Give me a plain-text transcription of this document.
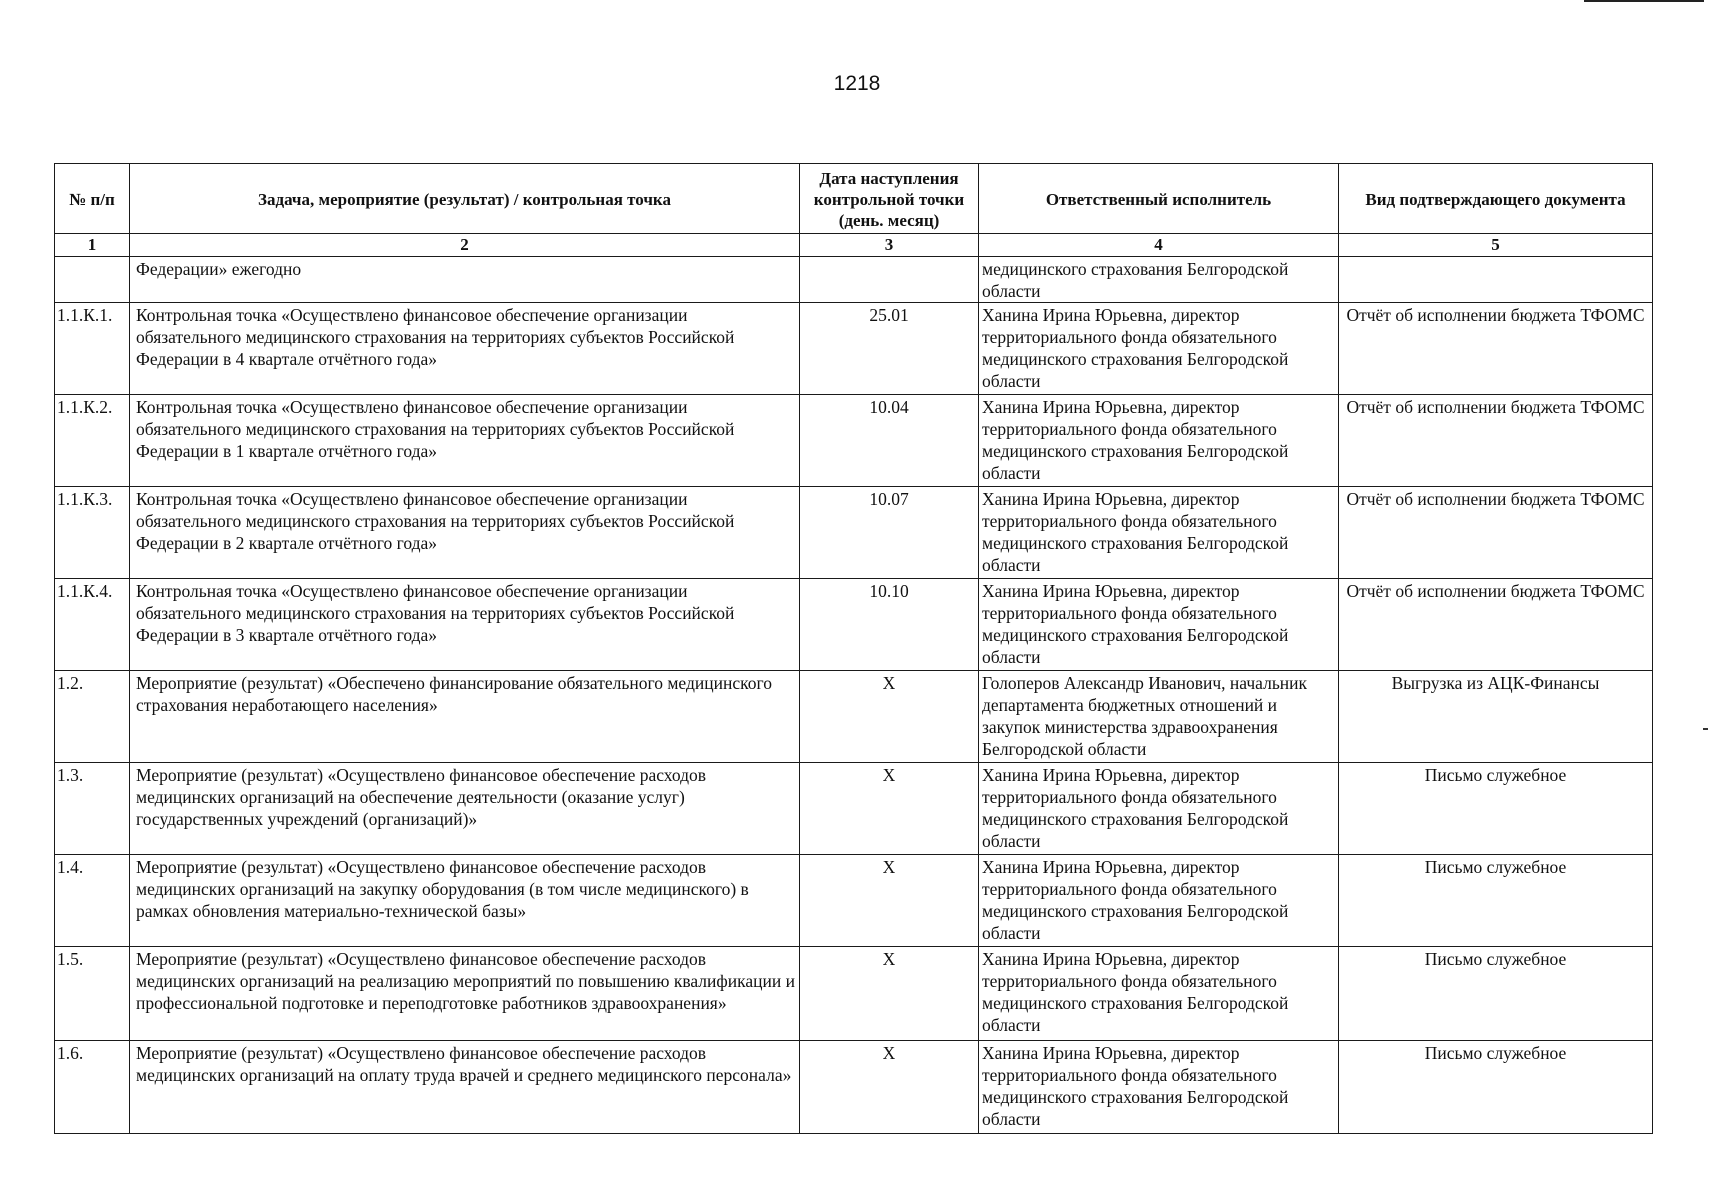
1218
№ п/п	Задача, мероприятие (результат) / контрольная точка	Дата наступления контрольной точки (день. месяц)	Ответственный исполнитель	Вид подтверждающего документа
1	2	3	4	5
	Федерации» ежегодно		медицинского страхования Белгородской области	
1.1.К.1.	Контрольная точка «Осуществлено финансовое обеспечение организации обязательного медицинского страхования на территориях субъектов Российской Федерации в 4 квартале отчётного года»	25.01	Ханина Ирина Юрьевна, директор территориального фонда обязательного медицинского страхования Белгородской области	Отчёт об исполнении бюджета ТФОМС
1.1.К.2.	Контрольная точка «Осуществлено финансовое обеспечение организации обязательного медицинского страхования на территориях субъектов Российской Федерации в 1 квартале отчётного года»	10.04	Ханина Ирина Юрьевна, директор территориального фонда обязательного медицинского страхования Белгородской области	Отчёт об исполнении бюджета ТФОМС
1.1.К.3.	Контрольная точка «Осуществлено финансовое обеспечение организации обязательного медицинского страхования на территориях субъектов Российской Федерации в 2 квартале отчётного года»	10.07	Ханина Ирина Юрьевна, директор территориального фонда обязательного медицинского страхования Белгородской области	Отчёт об исполнении бюджета ТФОМС
1.1.К.4.	Контрольная точка «Осуществлено финансовое обеспечение организации обязательного медицинского страхования на территориях субъектов Российской Федерации в 3 квартале отчётного года»	10.10	Ханина Ирина Юрьевна, директор территориального фонда обязательного медицинского страхования Белгородской области	Отчёт об исполнении бюджета ТФОМС
1.2.	Мероприятие (результат) «Обеспечено финансирование обязательного медицинского страхования неработающего населения»	X	Голоперов Александр Иванович, начальник департамента бюджетных отношений и закупок министерства здравоохранения Белгородской области	Выгрузка из АЦК-Финансы
1.3.	Мероприятие (результат) «Осуществлено финансовое обеспечение расходов медицинских организаций на обеспечение деятельности (оказание услуг) государственных учреждений (организаций)»	X	Ханина Ирина Юрьевна, директор территориального фонда обязательного медицинского страхования Белгородской области	Письмо служебное
1.4.	Мероприятие (результат) «Осуществлено финансовое обеспечение расходов медицинских организаций на закупку оборудования (в том числе медицинского) в рамках обновления материально-технической базы»	X	Ханина Ирина Юрьевна, директор территориального фонда обязательного медицинского страхования Белгородской области	Письмо служебное
1.5.	Мероприятие (результат) «Осуществлено финансовое обеспечение расходов медицинских организаций на реализацию мероприятий по повышению квалификации и профессиональной подготовке и переподготовке работников здравоохранения»	X	Ханина Ирина Юрьевна, директор территориального фонда обязательного медицинского страхования Белгородской области	Письмо служебное
1.6.	Мероприятие (результат) «Осуществлено финансовое обеспечение расходов медицинских организаций на оплату труда врачей и среднего медицинского персонала»	X	Ханина Ирина Юрьевна, директор территориального фонда обязательного медицинского страхования Белгородской области	Письмо служебное
